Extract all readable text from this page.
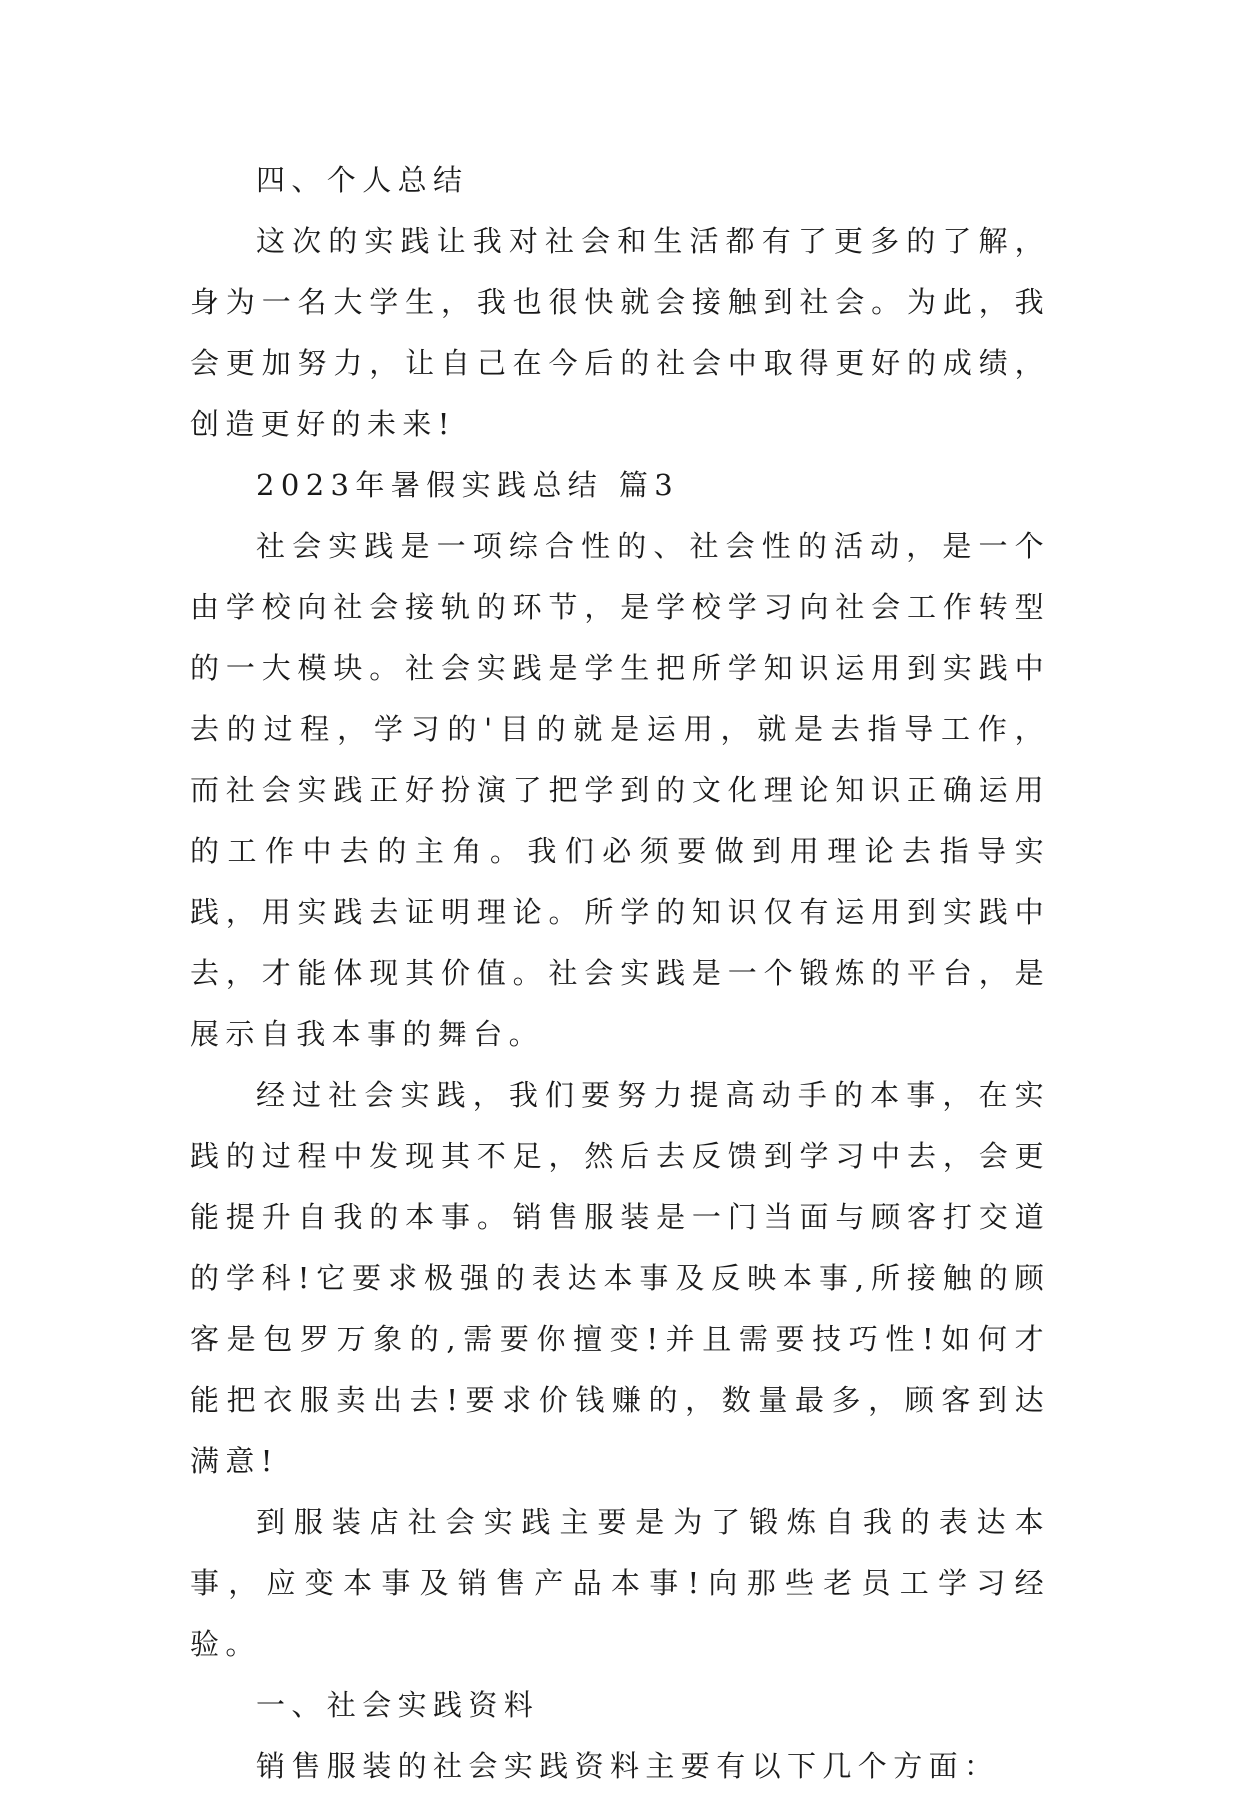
四、个人总结

这次的实践让我对社会和生活都有了更多的了解，身为一名大学生，我也很快就会接触到社会。为此，我会更加努力，让自己在今后的社会中取得更好的成绩，创造更好的未来!

2023年暑假实践总结 篇3

社会实践是一项综合性的、社会性的活动，是一个由学校向社会接轨的环节，是学校学习向社会工作转型的一大模块。社会实践是学生把所学知识运用到实践中去的过程，学习的'目的就是运用，就是去指导工作，而社会实践正好扮演了把学到的文化理论知识正确运用的工作中去的主角。我们必须要做到用理论去指导实践，用实践去证明理论。所学的知识仅有运用到实践中去，才能体现其价值。社会实践是一个锻炼的平台，是展示自我本事的舞台。

经过社会实践，我们要努力提高动手的本事，在实践的过程中发现其不足，然后去反馈到学习中去，会更能提升自我的本事。销售服装是一门当面与顾客打交道的学科!它要求极强的表达本事及反映本事,所接触的顾客是包罗万象的,需要你擅变!并且需要技巧性!如何才能把衣服卖出去!要求价钱赚的，数量最多，顾客到达满意!

到服装店社会实践主要是为了锻炼自我的表达本事，应变本事及销售产品本事!向那些老员工学习经验。

一、社会实践资料

销售服装的社会实践资料主要有以下几个方面：
